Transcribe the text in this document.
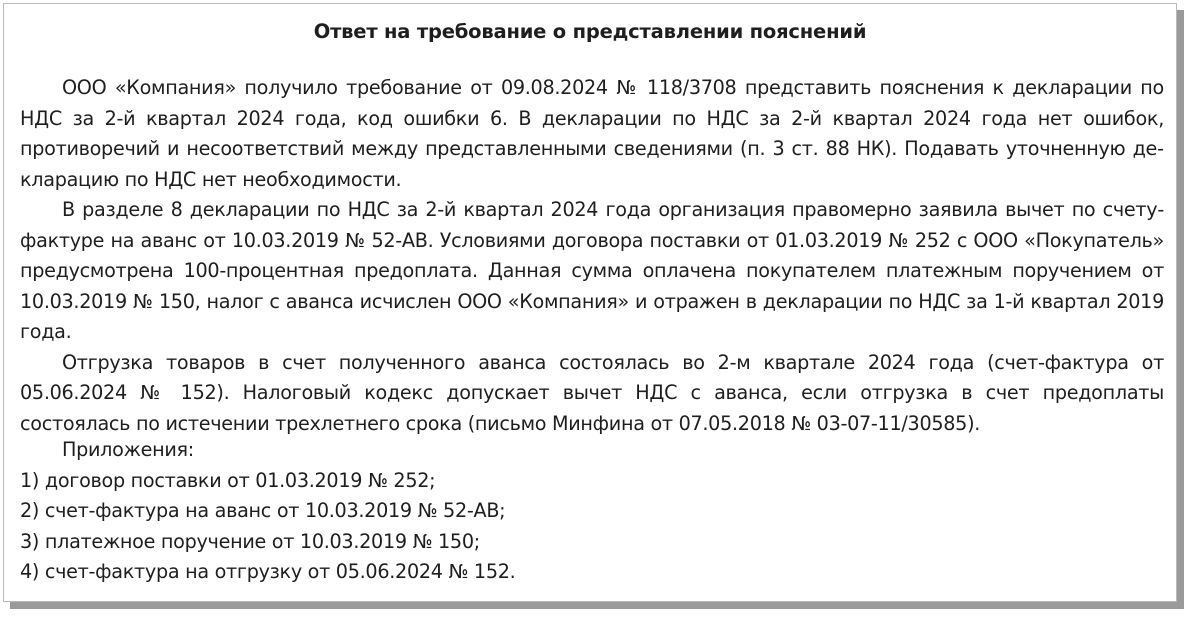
Ответ на требование о представлении пояснений

ООО «Компания» получило требование от 09.08.2024 № 118/3708 представить пояснения к декларации по НДС за 2-й квартал 2024 года, код ошибки 6. В декларации по НДС за 2-й квартал 2024 года нет ошибок, противоречий и несоответствий между представленными сведениями (п. 3 ст. 88 НК). Подавать уточненную декларацию по НДС нет необходимости.

В разделе 8 декларации по НДС за 2-й квартал 2024 года организация правомерно заявила вычет по счету-фактуре на аванс от 10.03.2019 № 52-АВ. Условиями договора поставки от 01.03.2019 № 252 с ООО «Покупатель» предусмотрена 100-процентная предоплата. Данная сумма оплачена покупателем платежным поручением от 10.03.2019 № 150, налог с аванса исчислен ООО «Компания» и отражен в декларации по НДС за 1-й квартал 2019 года.

Отгрузка товаров в счет полученного аванса состоялась во 2-м квартале 2024 года (счет-фактура от 05.06.2024 № 152). Налоговый кодекс допускает вычет НДС с аванса, если отгрузка в счет предоплаты состоялась по истечении трехлетнего срока (письмо Минфина от 07.05.2018 № 03-07-11/30585).

Приложения:

1) договор поставки от 01.03.2019 № 252;
2) счет-фактура на аванс от 10.03.2019 № 52-АВ;
3) платежное поручение от 10.03.2019 № 150;
4) счет-фактура на отгрузку от 05.06.2024 № 152.
